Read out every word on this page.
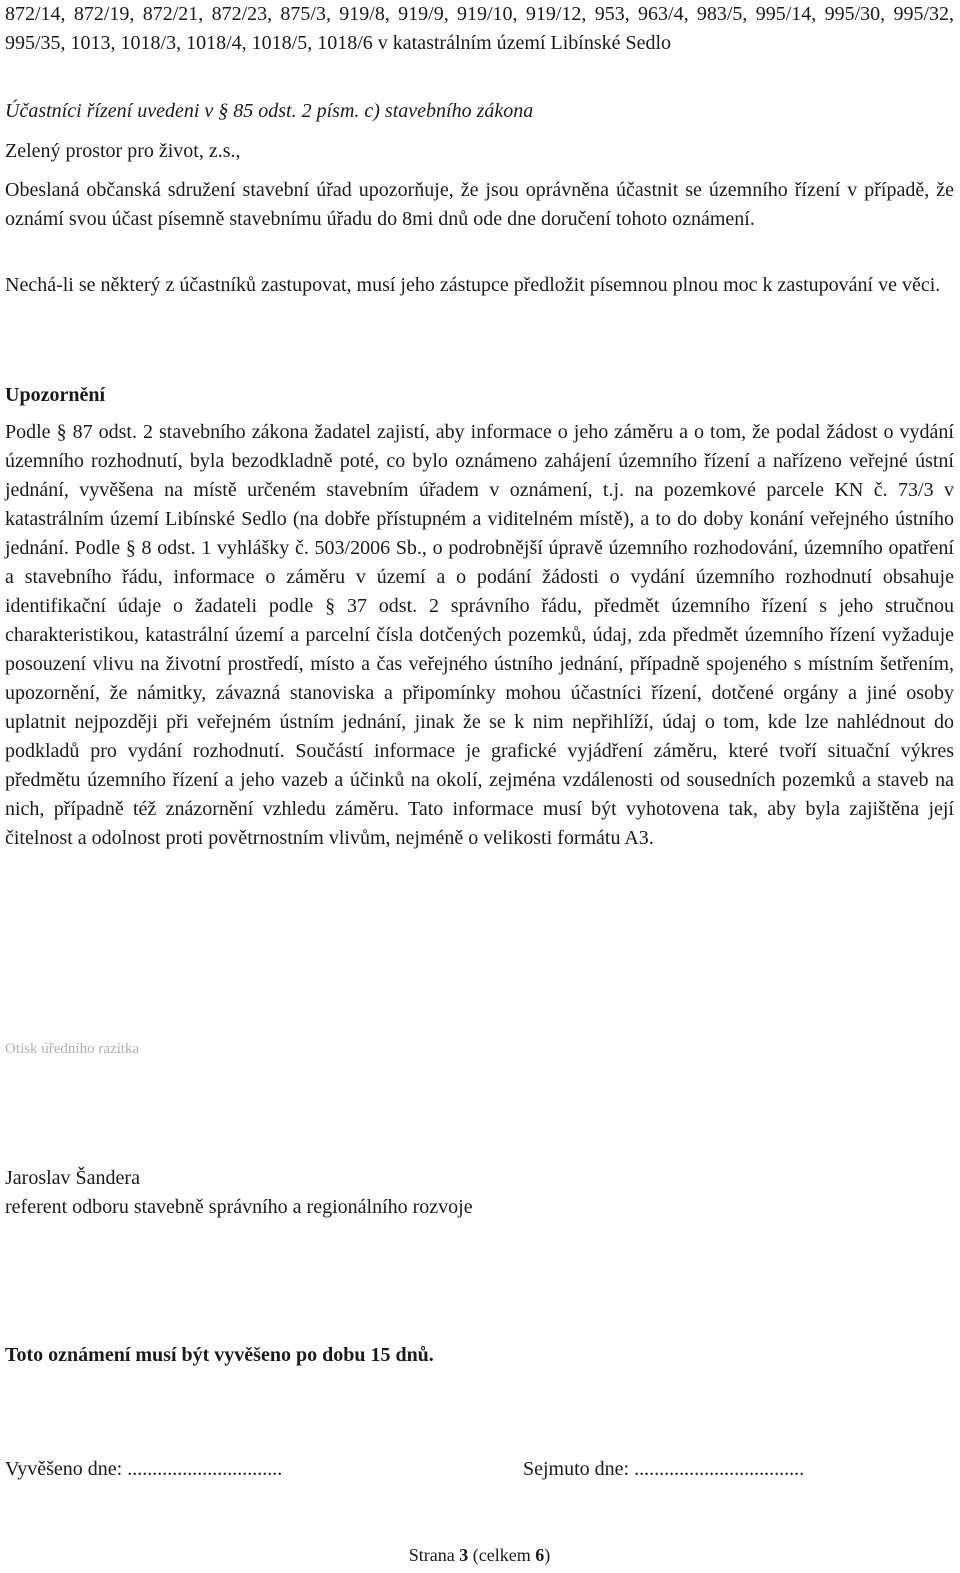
872/14, 872/19, 872/21, 872/23, 875/3, 919/8, 919/9, 919/10, 919/12, 953, 963/4, 983/5, 995/14, 995/30, 995/32, 995/35, 1013, 1018/3, 1018/4, 1018/5, 1018/6 v katastrálním území Libínské Sedlo

Účastníci řízení uvedeni v § 85 odst. 2 písm. c) stavebního zákona

Zelený prostor pro život, z.s.,

Obeslaná občanská sdružení stavební úřad upozorňuje, že jsou oprávněna účastnit se územního řízení v případě, že oznámí svou účast písemně stavebnímu úřadu do 8mi dnů ode dne doručení tohoto oznámení.

Nechá-li se některý z účastníků zastupovat, musí jeho zástupce předložit písemnou plnou moc k zastupování ve věci.

Upozornění

Podle § 87 odst. 2 stavebního zákona žadatel zajistí, aby informace o jeho záměru a o tom, že podal žádost o vydání územního rozhodnutí, byla bezodkladně poté, co bylo oznámeno zahájení územního řízení a nařízeno veřejné ústní jednání, vyvěšena na místě určeném stavebním úřadem v oznámení, t.j. na pozemkové parcele KN č. 73/3 v katastrálním území Libínské Sedlo (na dobře přístupném a viditelném místě), a to do doby konání veřejného ústního jednání. Podle § 8 odst. 1 vyhlášky č. 503/2006 Sb., o podrobnější úpravě územního rozhodování, územního opatření a stavebního řádu, informace o záměru v území a o podání žádosti o vydání územního rozhodnutí obsahuje identifikační údaje o žadateli podle § 37 odst. 2 správního řádu, předmět územního řízení s jeho stručnou charakteristikou, katastrální území a parcelní čísla dotčených pozemků, údaj, zda předmět územního řízení vyžaduje posouzení vlivu na životní prostředí, místo a čas veřejného ústního jednání, případně spojeného s místním šetřením, upozornění, že námitky, závazná stanoviska a připomínky mohou účastníci řízení, dotčené orgány a jiné osoby uplatnit nejpozději při veřejném ústním jednání, jinak že se k nim nepřihlíží, údaj o tom, kde lze nahlédnout do podkladů pro vydání rozhodnutí. Součástí informace je grafické vyjádření záměru, které tvoří situační výkres předmětu územního řízení a jeho vazeb a účinků na okolí, zejména vzdálenosti od sousedních pozemků a staveb na nich, případně též znázornění vzhledu záměru. Tato informace musí být vyhotovena tak, aby byla zajištěna její čitelnost a odolnost proti povětrnostním vlivům, nejméně o velikosti formátu A3.

Otisk úředního razítka

Jaroslav Šandera

referent odboru stavebně správního a regionálního rozvoje

Toto oznámení musí být vyvěšeno po dobu 15 dnů.

Vyvěšeno dne: ...............................	Sejmuto dne: ..................................
Strana 3 (celkem 6)
